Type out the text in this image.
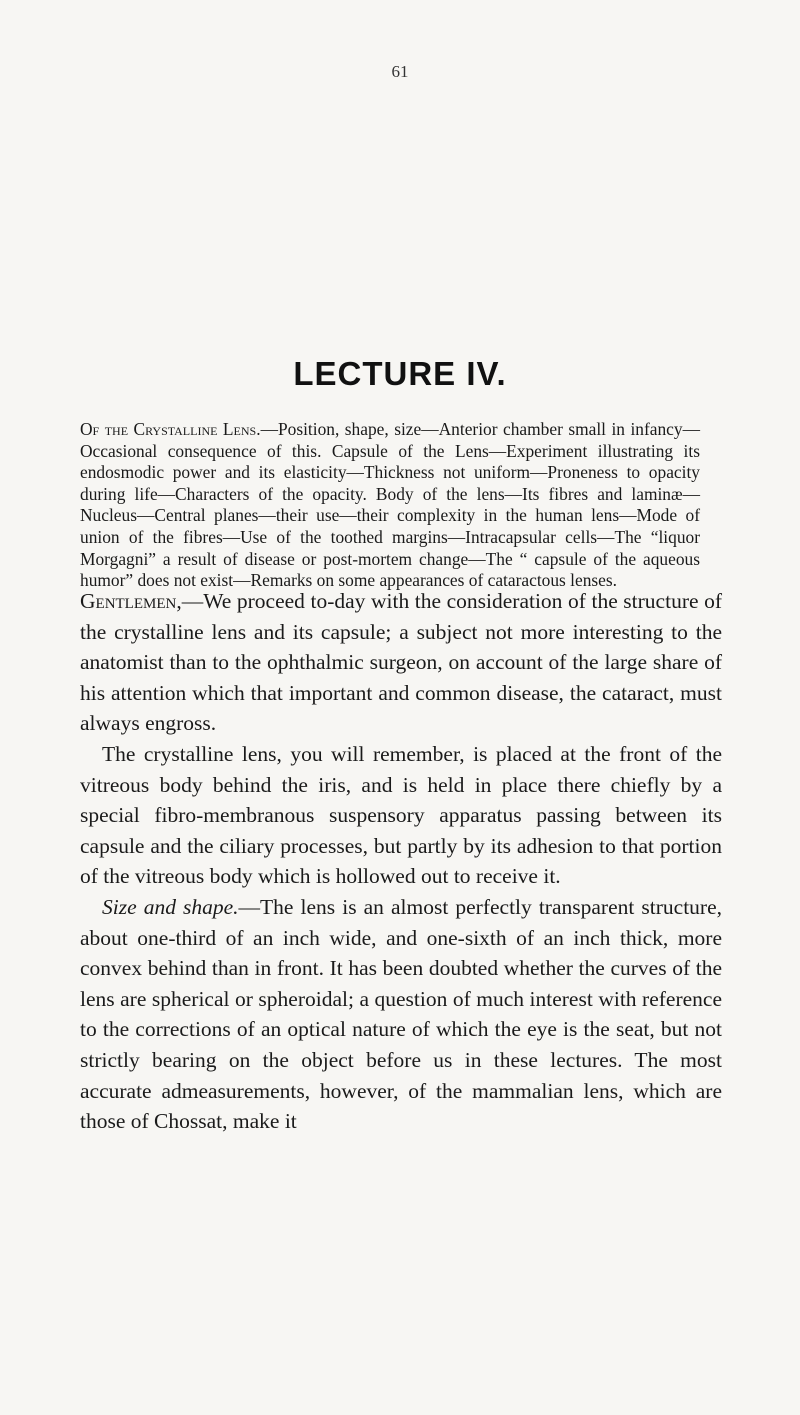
61
LECTURE IV.
Of the Crystalline Lens.—Position, shape, size—Anterior chamber small in infancy—Occasional consequence of this. Capsule of the Lens—Experiment illustrating its endosmodic power and its elasticity—Thickness not uniform—Proneness to opacity during life—Characters of the opacity. Body of the lens—Its fibres and laminæ—Nucleus—Central planes—their use—their complexity in the human lens—Mode of union of the fibres—Use of the toothed margins—Intracapsular cells—The “liquor Morgagni” a result of disease or post-mortem change—The “ capsule of the aqueous humor” does not exist—Remarks on some appearances of cataractous lenses.

Gentlemen,—We proceed to-day with the consideration of the structure of the crystalline lens and its capsule; a subject not more interesting to the anatomist than to the ophthalmic surgeon, on account of the large share of his attention which that important and common disease, the cataract, must always engross.

The crystalline lens, you will remember, is placed at the front of the vitreous body behind the iris, and is held in place there chiefly by a special fibro-membranous suspensory apparatus passing between its capsule and the ciliary processes, but partly by its adhesion to that portion of the vitreous body which is hollowed out to receive it.

Size and shape.—The lens is an almost perfectly transparent structure, about one-third of an inch wide, and one-sixth of an inch thick, more convex behind than in front. It has been doubted whether the curves of the lens are spherical or spheroidal; a question of much interest with reference to the corrections of an optical nature of which the eye is the seat, but not strictly bearing on the object before us in these lectures. The most accurate admeasurements, however, of the mammalian lens, which are those of Chossat, make it
